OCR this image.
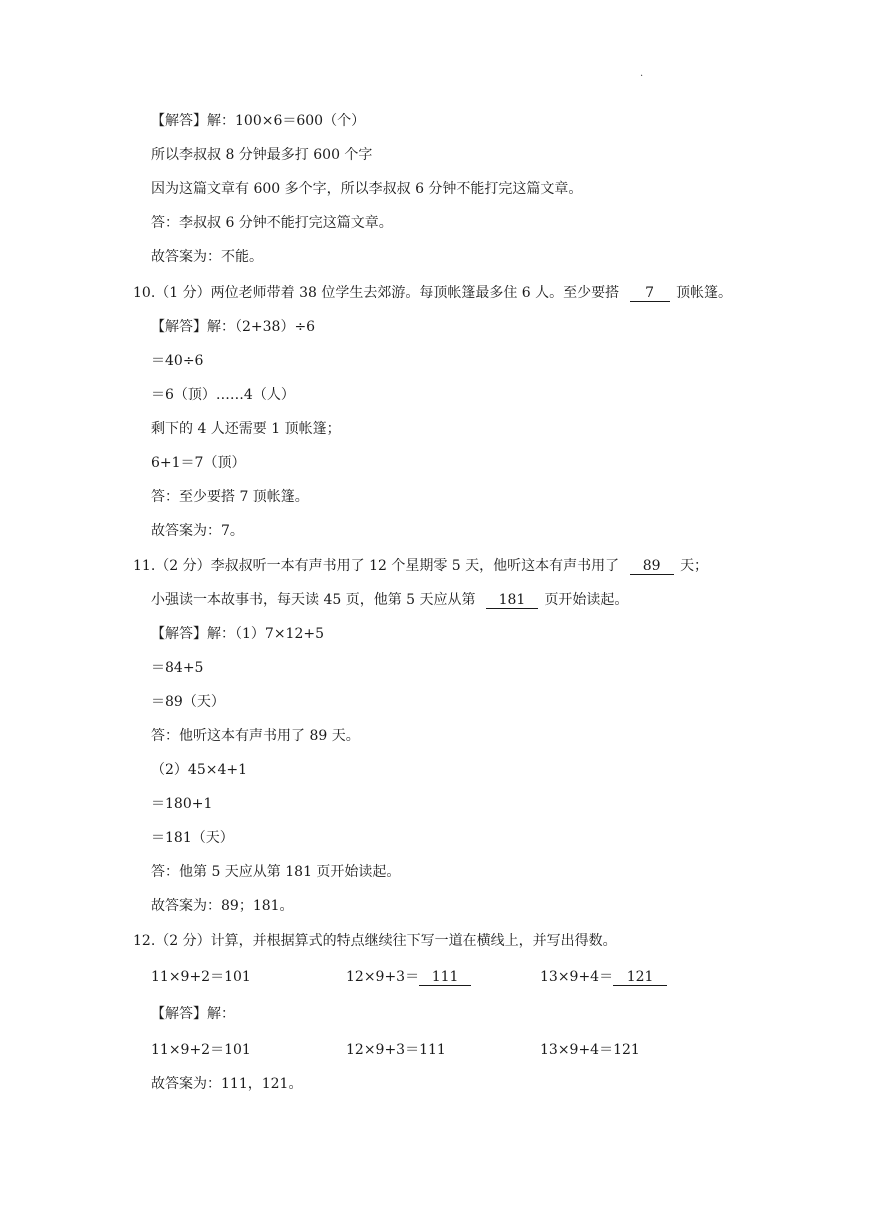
.
【解答】解：100×6＝600（个）
所以李叔叔 8 分钟最多打 600 个字
因为这篇文章有 600 多个字，所以李叔叔 6 分钟不能打完这篇文章。
答：李叔叔 6 分钟不能打完这篇文章。
故答案为：不能。
10.（1 分）两位老师带着 38 位学生去郊游。每顶帐篷最多住 6 人。至少要搭 7 顶帐篷。
【解答】解：（2+38）÷6
＝40÷6
＝6（顶）……4（人）
剩下的 4 人还需要 1 顶帐篷；
6+1＝7（顶）
答：至少要搭 7 顶帐篷。
故答案为：7。
11.（2 分）李叔叔听一本有声书用了 12 个星期零 5 天，他听这本有声书用了 89 天；
小强读一本故事书，每天读 45 页，他第 5 天应从第 181 页开始读起。
【解答】解：（1）7×12+5
＝84+5
＝89（天）
答：他听这本有声书用了 89 天。
（2）45×4+1
＝180+1
＝181（天）
答：他第 5 天应从第 181 页开始读起。
故答案为：89；181。
12.（2 分）计算，并根据算式的特点继续往下写一道在横线上，并写出得数。
11×9+2＝101	12×9+3＝ 111	13×9+4＝ 121
【解答】解：
11×9+2＝101	12×9+3＝111	13×9+4＝121
故答案为：111，121。
